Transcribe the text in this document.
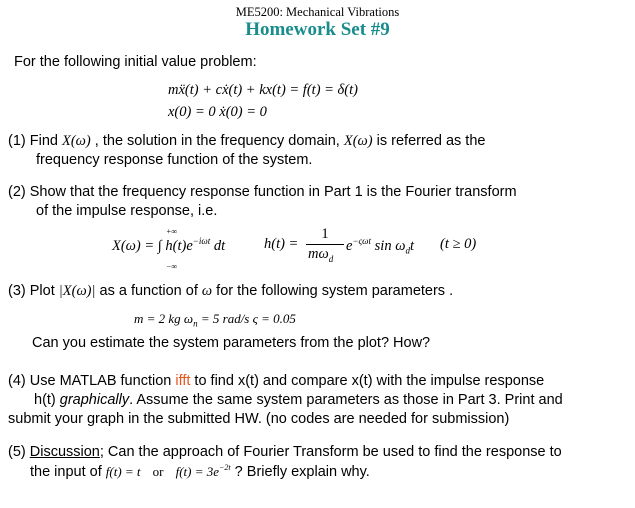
ME5200: Mechanical Vibrations
Homework Set #9
For the following initial value problem:
mẍ(t) + cẋ(t) + kx(t) = f(t) = δ(t)
x(0) = 0 ẋ(0) = 0
(1) Find X(ω) , the solution in the frequency domain, X(ω) is referred as the
frequency response function of the system.
(2) Show that the frequency response function in Part 1 is the Fourier transform
of the impulse response, i.e.
X(ω) = ∫ $h(t)e^{-i\omega t}$ dt
+∞
−∞
h(t) =
1
$m\omega_d$
$e^{-\varsigma\omega t}$ $\sin \omega_dt$ (t ≥ 0)
(3) Plot |X(ω)| as a function of ω for the following system parameters .
m = 2 kg $\omega_n = 5$ rad/s ς = 0.05
Can you estimate the system parameters from the plot? How?
(4) Use MATLAB function ifft to find x(t) and compare x(t) with the impulse response
h(t) graphically. Assume the same system parameters as those in Part 3. Print and
submit your graph in the submitted HW. (no codes are needed for submission)
(5) Discussion; Can the approach of Fourier Transform be used to find the response to
the input of f(t) = t or $f(t) = 3e^{-2t}$ ? Briefly explain why.
